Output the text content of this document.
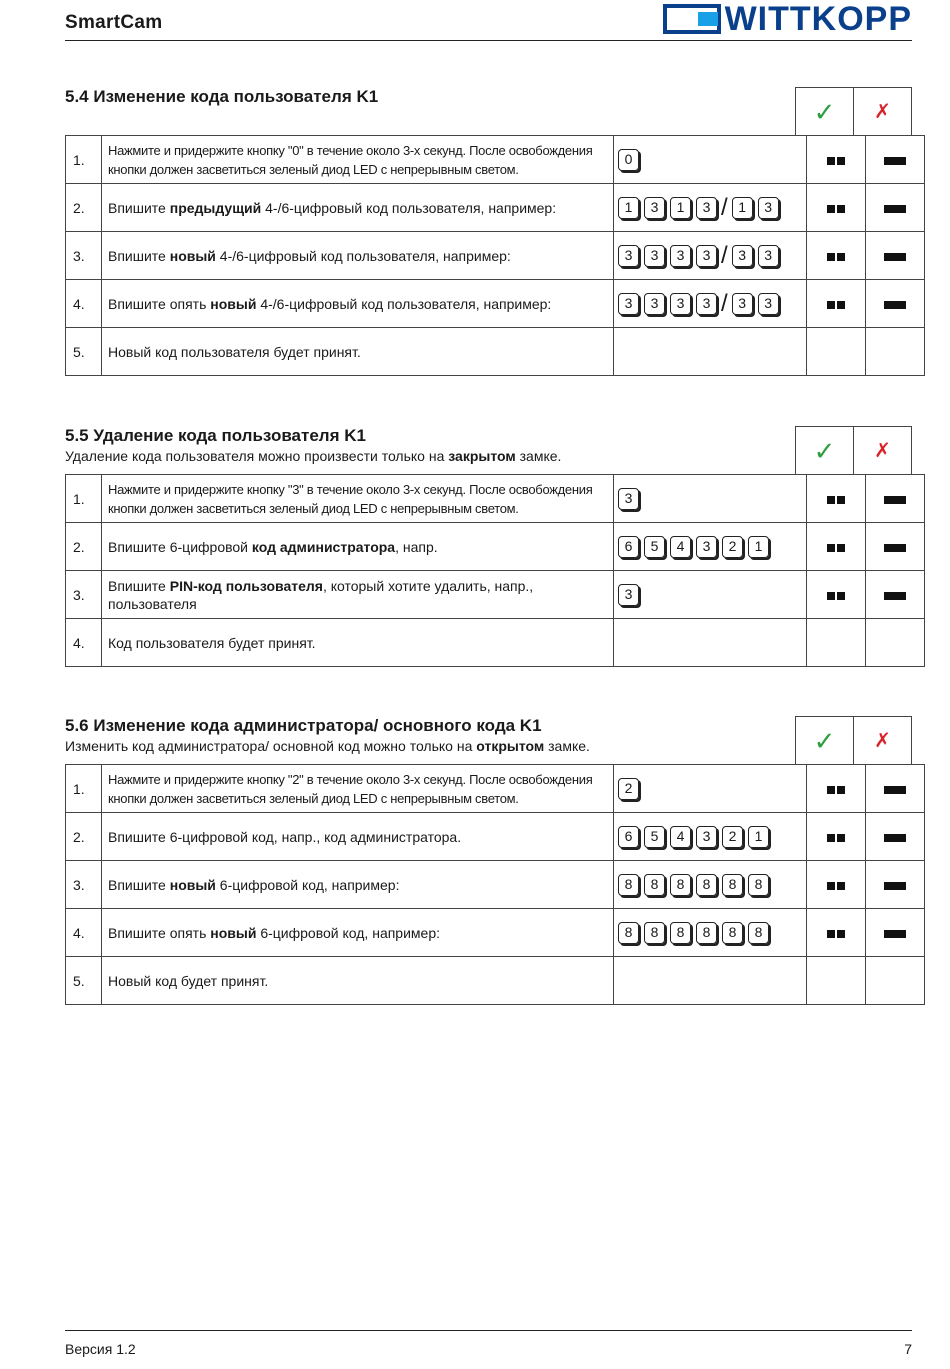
SmartCam	WITTKOPP
5.4 Изменение кода пользователя K1	✓ ✗
1.	Нажмите и придержите кнопку "0" в течение около 3-х секунд. После освобождения кнопки должен засветиться зеленый диод LED с непрерывным светом.	0		
2.	Впишите предыдущий 4-/6-цифровый код пользователя, например:	1 3 1 3 / 1 3		
3.	Впишите новый 4-/6-цифровый код пользователя, например:	3 3 3 3 / 3 3		
4.	Впишите опять новый 4-/6-цифровый код пользователя, например:	3 3 3 3 / 3 3		
5.	Новый код пользователя будет принят.			
5.5 Удаление кода пользователя K1
Удаление кода пользователя можно произвести только на закрытом замке.	✓ ✗
1.	Нажмите и придержите кнопку "3" в течение около 3-х секунд. После освобождения кнопки должен засветиться зеленый диод LED с непрерывным светом.	3		
2.	Впишите 6-цифровой код администратора, напр.	6 5 4 3 2 1		
3.	Впишите PIN-код пользователя, который хотите удалить, напр., пользователя	3		
4.	Код пользователя будет принят.			
5.6 Изменение кода администратора/ основного кода K1
Изменить код администратора/ основной код можно только на открытом замке.	✓ ✗
1.	Нажмите и придержите кнопку "2" в течение около 3-х секунд. После освобождения кнопки должен засветиться зеленый диод LED с непрерывным светом.	2		
2.	Впишите 6-цифровой код, напр., код администратора.	6 5 4 3 2 1		
3.	Впишите новый 6-цифровой код, например:	8 8 8 8 8 8		
4.	Впишите опять новый 6-цифровой код, например:	8 8 8 8 8 8		
5.	Новый код будет принят.			
Версия 1.2	7
